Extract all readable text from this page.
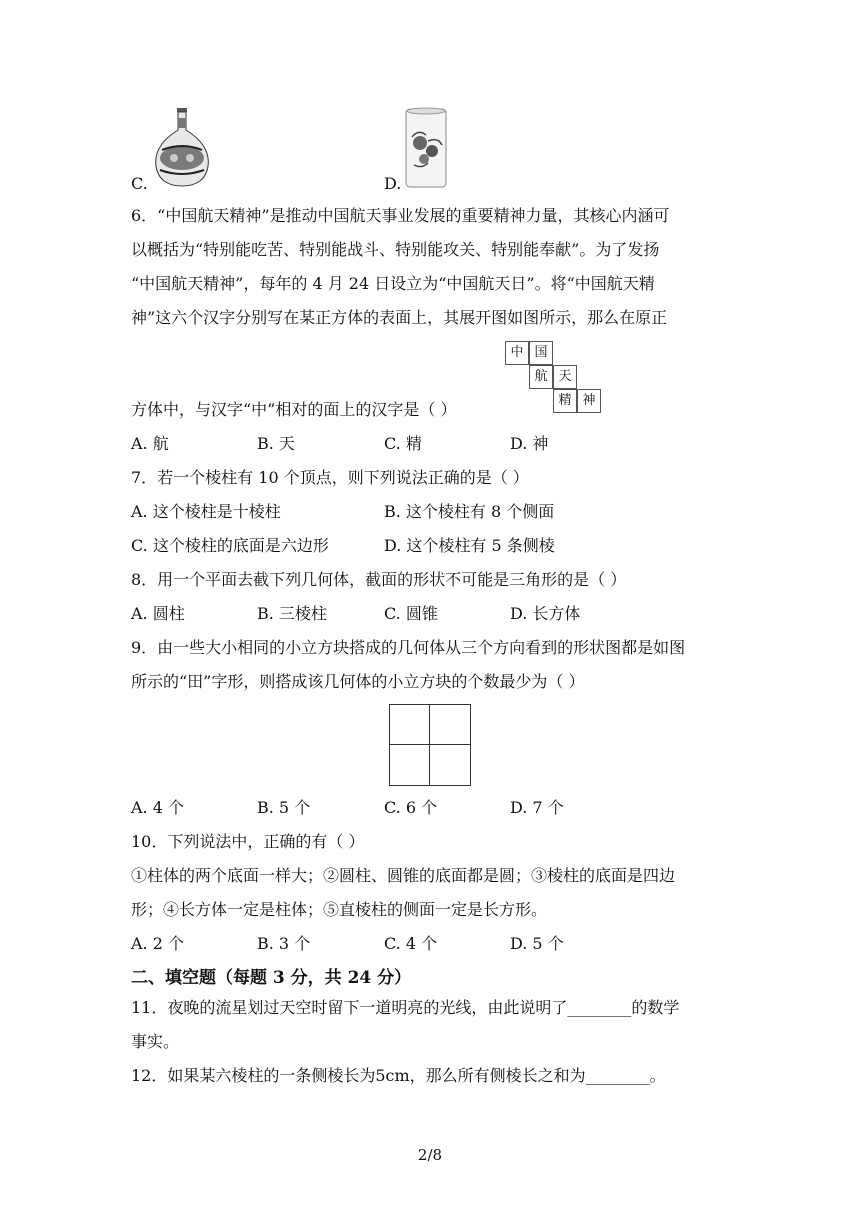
C.	D.
6．“中国航天精神”是推动中国航天事业发展的重要精神力量，其核心内涵可
以概括为“特别能吃苦、特别能战斗、特别能攻关、特别能奉献”。为了发扬
“中国航天精神”，每年的 4 月 24 日设立为“中国航天日”。将“中国航天精
神”这六个汉字分别写在某正方体的表面上，其展开图如图所示，那么在原正
中 国
航 天
精 神
方体中，与汉字“中”相对的面上的汉字是（ ）
A. 航	B. 天	C. 精	D. 神
7．若一个棱柱有 10 个顶点，则下列说法正确的是（ ）
A. 这个棱柱是十棱柱	B. 这个棱柱有 8 个侧面
C. 这个棱柱的底面是六边形	D. 这个棱柱有 5 条侧棱
8．用一个平面去截下列几何体，截面的形状不可能是三角形的是（ ）
A. 圆柱	B. 三棱柱	C. 圆锥	D. 长方体
9．由一些大小相同的小立方块搭成的几何体从三个方向看到的形状图都是如图
所示的“田”字形，则搭成该几何体的小立方块的个数最少为（ ）
A. 4 个	B. 5 个	C. 6 个	D. 7 个
10．下列说法中，正确的有（ ）
①柱体的两个底面一样大；②圆柱、圆锥的底面都是圆；③棱柱的底面是四边
形；④长方体一定是柱体；⑤直棱柱的侧面一定是长方形。
A. 2 个	B. 3 个	C. 4 个	D. 5 个
二、填空题（每题 3 分，共 24 分）
11．夜晚的流星划过天空时留下一道明亮的光线，由此说明了________的数学
事实。
12．如果某六棱柱的一条侧棱长为5cm，那么所有侧棱长之和为________。
2/8
